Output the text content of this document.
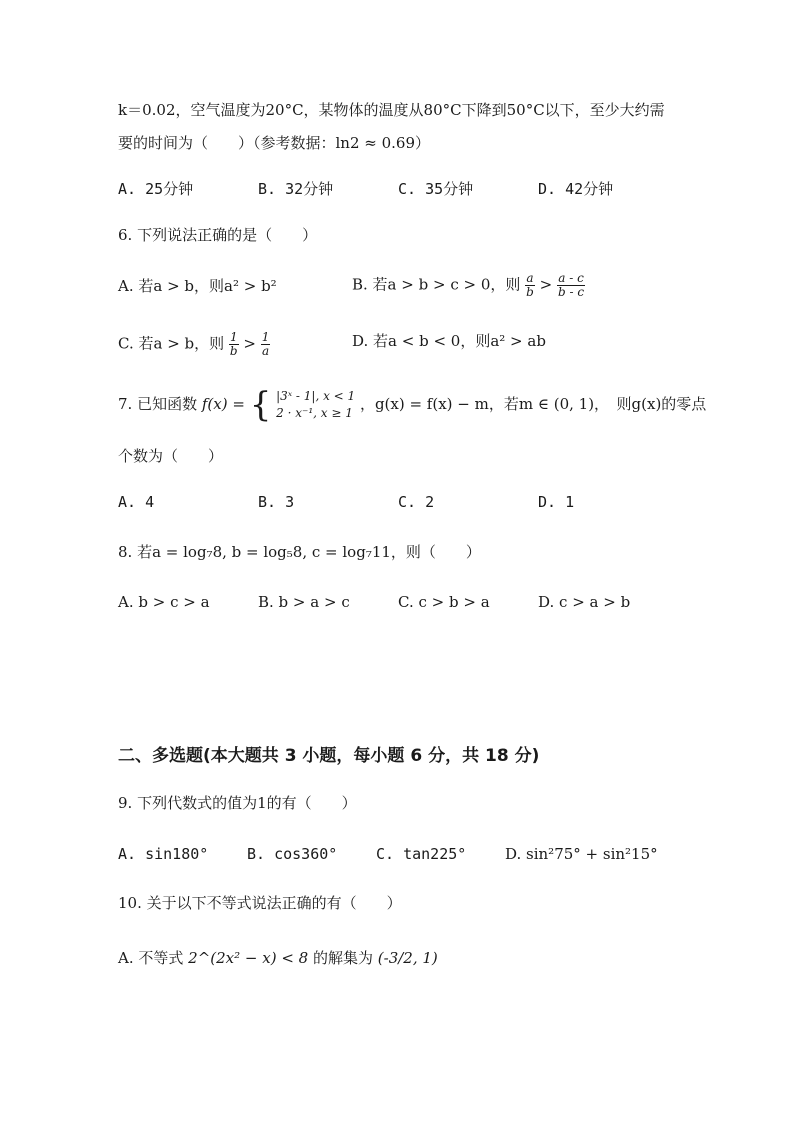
k＝0.02，空气温度为20°C，某物体的温度从80°C下降到50°C以下，至少大约需
要的时间为（　　）（参考数据：ln2 ≈ 0.69）
A. 25分钟	B. 32分钟	C. 35分钟	D. 42分钟
6. 下列说法正确的是（　　）
A. 若a > b，则a² > b²	B. 若a > b > c > 0，则 $\frac{a}{b} > \frac{a - c}{b - c}$
C. 若a > b，则 $\frac{1}{b} > \frac{1}{a}$	D. 若a < b < 0，则a² > ab
7. 已知函数 f(x) = { |3ˣ - 1|, x < 1
2 · x⁻¹, x ≥ 1 ，g(x) = f(x) − m，若m ∈ (0, 1)，　则g(x)的零点
个数为（　　）
A. 4	B. 3	C. 2	D. 1
8. 若a = log₇8, b = log₅8, c = log₇11，则（　　）
A. b > c > a	B. b > a > c	C. c > b > a	D. c > a > b
二、多选题(本大题共 3 小题，每小题 6 分，共 18 分)
9. 下列代数式的值为1的有（　　）
A. sin180°	B. cos360°	C. tan225°	D. sin²75° + sin²15°
10. 关于以下不等式说法正确的有（　　）
A. 不等式 2^(2x² − x) < 8 的解集为 (-3/2, 1)
